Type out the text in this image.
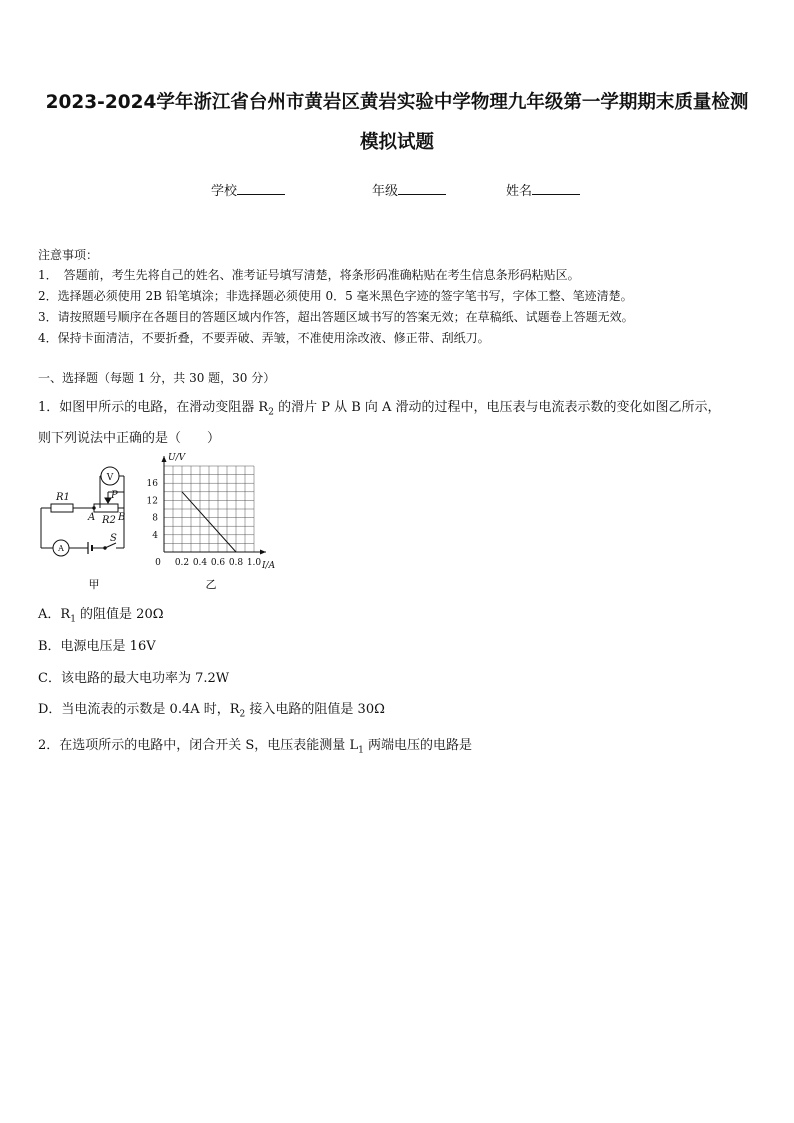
2023-2024学年浙江省台州市黄岩区黄岩实验中学物理九年级第一学期期末质量检测
模拟试题
学校	年级	姓名
注意事项：
1．　答题前，考生先将自己的姓名、准考证号填写清楚，将条形码准确粘贴在考生信息条形码粘贴区。
2．选择题必须使用 2B 铅笔填涂；非选择题必须使用 0．5 毫米黑色字迹的签字笔书写，字体工整、笔迹清楚。
3．请按照题号顺序在各题目的答题区域内作答，超出答题区域书写的答案无效；在草稿纸、试题卷上答题无效。
4．保持卡面清洁，不要折叠，不要弄破、弄皱，不准使用涂改液、修正带、刮纸刀。
一、选择题（每题 1 分，共 30 题，30 分）
1．如图甲所示的电路，在滑动变阻器 $R_2$ 的滑片 P 从 B 向 A 滑动的过程中，电压表与电流表示数的变化如图乙所示，
则下列说法中正确的是（　　）
V
A
R1
R2
P
A B
S
甲
0 0.2 0.4 0.6 0.8 1.0
4
8
12
16
I/A
U/V
乙
A．$R_1$ 的阻值是 20Ω
B．电源电压是 16V
C．该电路的最大电功率为 7.2W
D．当电流表的示数是 0.4A 时，$R_2$ 接入电路的阻值是 30Ω
2．在选项所示的电路中，闭合开关 S，电压表能测量 $L_1$ 两端电压的电路是
